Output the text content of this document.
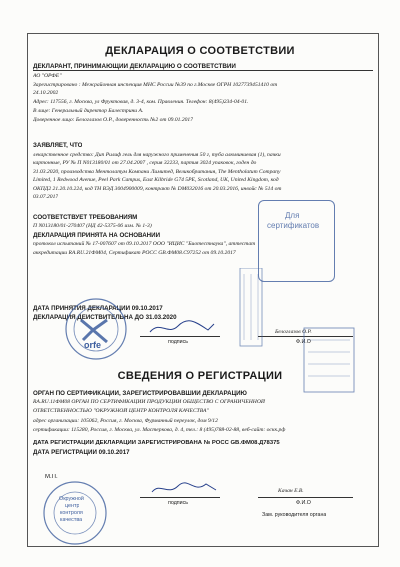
ДЕКЛАРАЦИЯ О СООТВЕТСТВИИ
ДЕКЛАРАНТ, ПРИНИМАЮЩИЙ ДЕКЛАРАЦИЮ О СООТВЕТСТВИИ
АО "ОРФЕ"
Зарегистрировано : Межрайонная инспекция МНС России №39 по г.Москве ОГРН 1027739451410 от
24.10.2002
Адрес: 117556, г. Москва, ул Фруктовая, д. 3-4, ком. Правления. Телефон: 8(495)234-04-01.
В лице: Генеральный директор Балестрини А.
Доверенное лицо: Белоглазов О.Р., доверенность №2 от 09.01.2017
ЗАЯВЛЯЕТ, ЧТО
лекарственное средство: Дип Рилиф гель для наружного применения 50 г, туба алюминиевая (1), пачки
картонные, РУ № П N013180/01 от 27.04.2007 , серия 32233, партия 3024 упаковок, годен до
31.03.2020, производства Ментолатум Компани Лимитед, Великобритания, The Mentholatum Company
Limited, 1 Redwood Avenue, Peel Park Campus, East Kilbride G74 5PE, Scotland, UK, United Kingdom, код
ОКПД2 21.20.10.224, код ТН ВЭД 3004900009, контракт № DM032016 от 20.03.2016, инвойс № 514 от
03.07.2017
СООТВЕТСТВУЕТ ТРЕБОВАНИЯМ
П N013180/01-270407 (НД 42-5375-06 изм. № 1-3)
ДЕКЛАРАЦИЯ ПРИНЯТА НА ОСНОВАНИИ
протокол испытаний № 17-007607 от 09.10.2017 ООО "ИЦИС "Биотестнаука", аттестат
аккредитации RA.RU.21ФМ04, Сертификат РОСС GB.ФМ08.C97252 от 09.10.2017
ДАТА ПРИНЯТИЯ ДЕКЛАРАЦИИ 09.10.2017
ДЕКЛАРАЦИЯ ДЕЙСТВИТЕЛЬНА ДО 31.03.2020
подпись
Белоглазов О.Р.
Ф.И.О
orfe
Для
сертификатов
СВЕДЕНИЯ О РЕГИСТРАЦИИ
ОРГАН ПО СЕРТИФИКАЦИИ, ЗАРЕГИСТРИРОВАВШИЙ ДЕКЛАРАЦИЮ
RA.RU.11ФМ08 ОРГАН ПО СЕРТИФИКАЦИИ ПРОДУКЦИИ ОБЩЕСТВО С ОГРАНИЧЕННОЙ
ОТВЕТСТВЕННОСТЬЮ "ОКРУЖНОЙ ЦЕНТР КОНТРОЛЯ КАЧЕСТВА"
адрес организации: 105062, Россия, г. Москва, Фурманный переулок, дом 9/12
сертификации: 115280, Россия, г. Москва, ул. Мастеркова, д. 4, тел.: 8 (495)788-02-88, веб-сайт: ocкк.рф
ДАТА РЕГИСТРАЦИИ ДЕКЛАРАЦИИ ЗАРЕГИСТРИРОВАНА № РОСС GB.ФМ08.Д78375
ДАТА РЕГИСТРАЦИИ 09.10.2017
М.П.
Окружной
центр
контроля
качества
подпись
Качан Е.В.
Ф.И.О
Зам. руководителя органа
